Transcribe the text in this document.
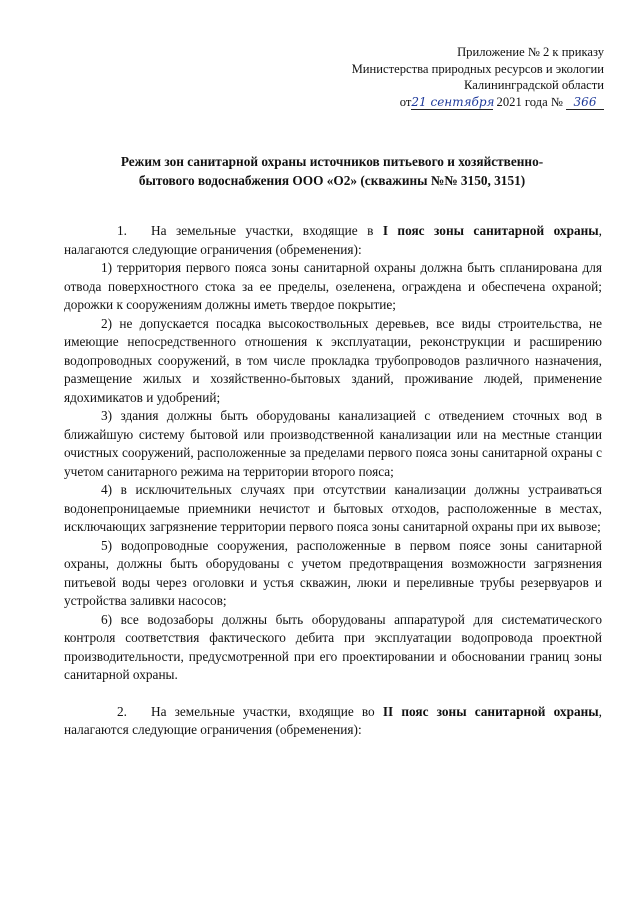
Приложение № 2 к приказу
Министерства природных ресурсов и экологии
Калининградской области
от21 сентября 2021 года № 366
Режим зон санитарной охраны источников питьевого и хозяйственно-
бытового водоснабжения ООО «О2» (скважины №№ 3150, 3151)

1. На земельные участки, входящие в I пояс зоны санитарной охраны, налагаются следующие ограничения (обременения):

1) территория первого пояса зоны санитарной охраны должна быть спланирована для отвода поверхностного стока за ее пределы, озеленена, ограждена и обеспечена охраной; дорожки к сооружениям должны иметь твердое покрытие;

2) не допускается посадка высокоствольных деревьев, все виды строительства, не имеющие непосредственного отношения к эксплуатации, реконструкции и расширению водопроводных сооружений, в том числе прокладка трубопроводов различного назначения, размещение жилых и хозяйственно-бытовых зданий, проживание людей, применение ядохимикатов и удобрений;

3) здания должны быть оборудованы канализацией с отведением сточных вод в ближайшую систему бытовой или производственной канализации или на местные станции очистных сооружений, расположенные за пределами первого пояса зоны санитарной охраны с учетом санитарного режима на территории второго пояса;

4) в исключительных случаях при отсутствии канализации должны устраиваться водонепроницаемые приемники нечистот и бытовых отходов, расположенные в местах, исключающих загрязнение территории первого пояса зоны санитарной охраны при их вывозе;

5) водопроводные сооружения, расположенные в первом поясе зоны санитарной охраны, должны быть оборудованы с учетом предотвращения возможности загрязнения питьевой воды через оголовки и устья скважин, люки и переливные трубы резервуаров и устройства заливки насосов;

6) все водозаборы должны быть оборудованы аппаратурой для систематического контроля соответствия фактического дебита при эксплуатации водопровода проектной производительности, предусмотренной при его проектировании и обосновании границ зоны санитарной охраны.

2. На земельные участки, входящие во II пояс зоны санитарной охраны, налагаются следующие ограничения (обременения):
